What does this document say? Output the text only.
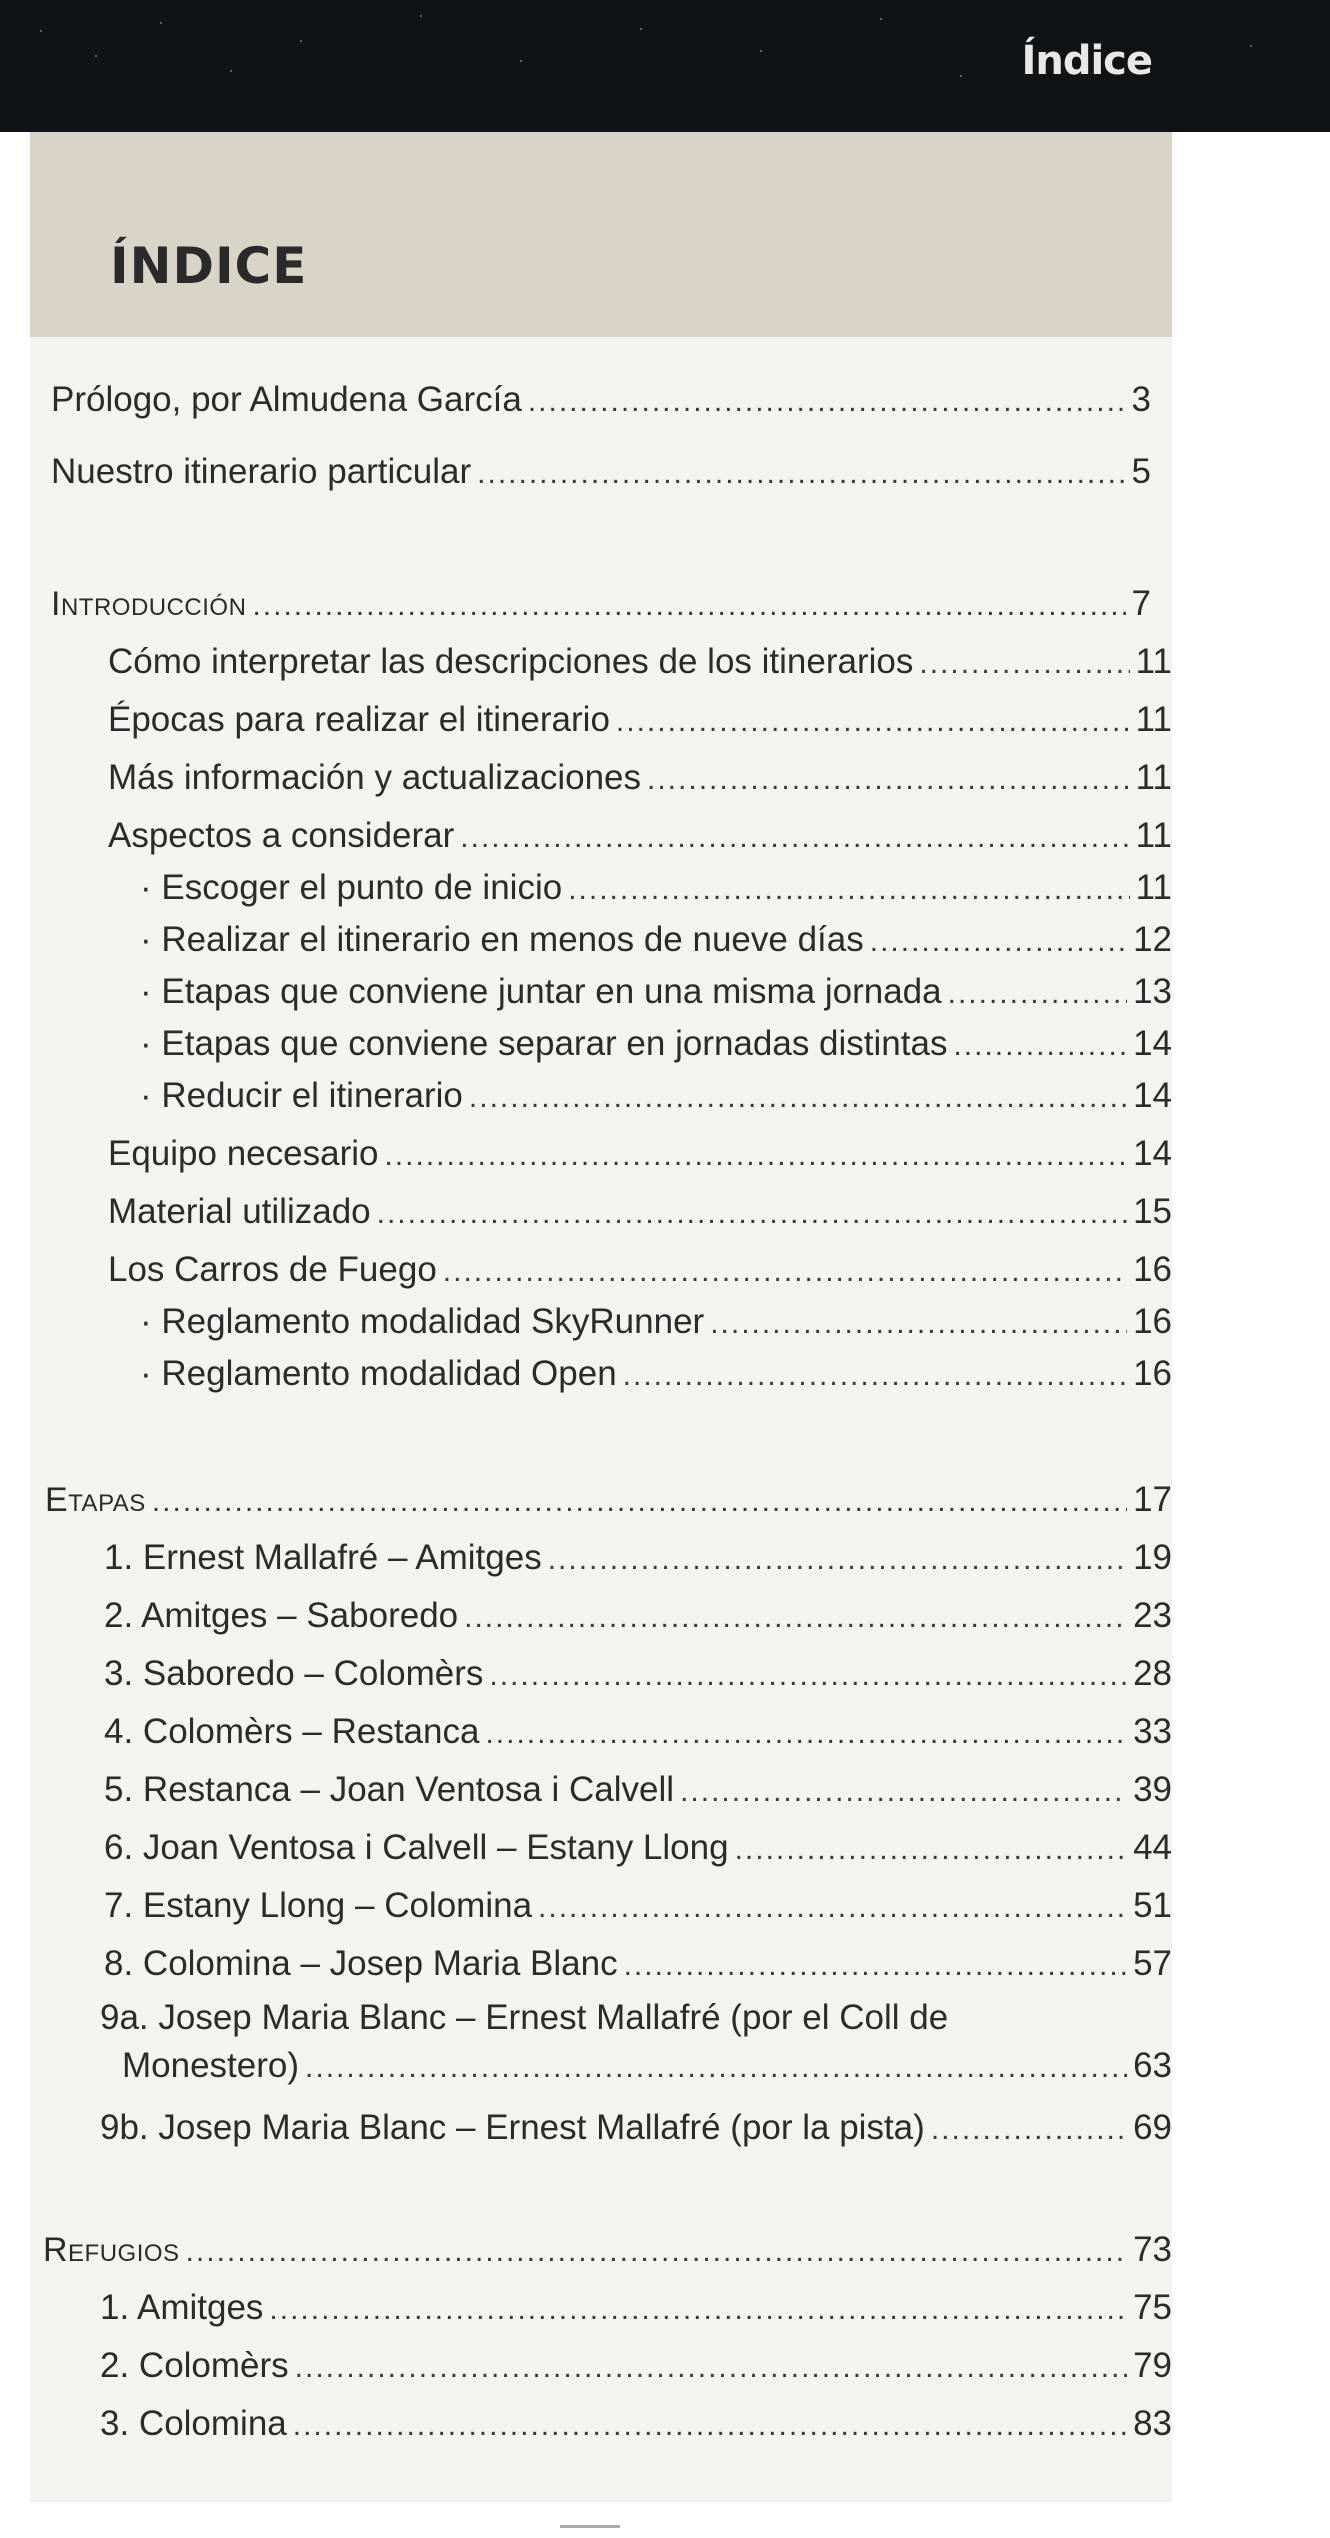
Índice
ÍNDICE
Prólogo, por Almudena García .....	3
Nuestro itinerario particular .....	5
Introducción .....	7
Cómo interpretar las descripciones de los itinerarios .....	11
Épocas para realizar el itinerario .....	11
Más información y actualizaciones .....	11
Aspectos a considerar .....	11
· Escoger el punto de inicio .....	11
· Realizar el itinerario en menos de nueve días .....	12
· Etapas que conviene juntar en una misma jornada .....	13
· Etapas que conviene separar en jornadas distintas .....	14
· Reducir el itinerario .....	14
Equipo necesario .....	14
Material utilizado .....	15
Los Carros de Fuego .....	16
· Reglamento modalidad SkyRunner .....	16
· Reglamento modalidad Open .....	16
Etapas .....	17
1. Ernest Mallafré – Amitges .....	19
2. Amitges – Saboredo .....	23
3. Saboredo – Colomèrs .....	28
4. Colomèrs – Restanca .....	33
5. Restanca – Joan Ventosa i Calvell .....	39
6. Joan Ventosa i Calvell – Estany Llong .....	44
7. Estany Llong – Colomina .....	51
8. Colomina – Josep Maria Blanc .....	57
9a. Josep Maria Blanc – Ernest Mallafré (por el Coll de
Monestero) .....	63
9b. Josep Maria Blanc – Ernest Mallafré (por la pista) .....	69
Refugios .....	73
1. Amitges .....	75
2. Colomèrs .....	79
3. Colomina .....	83
